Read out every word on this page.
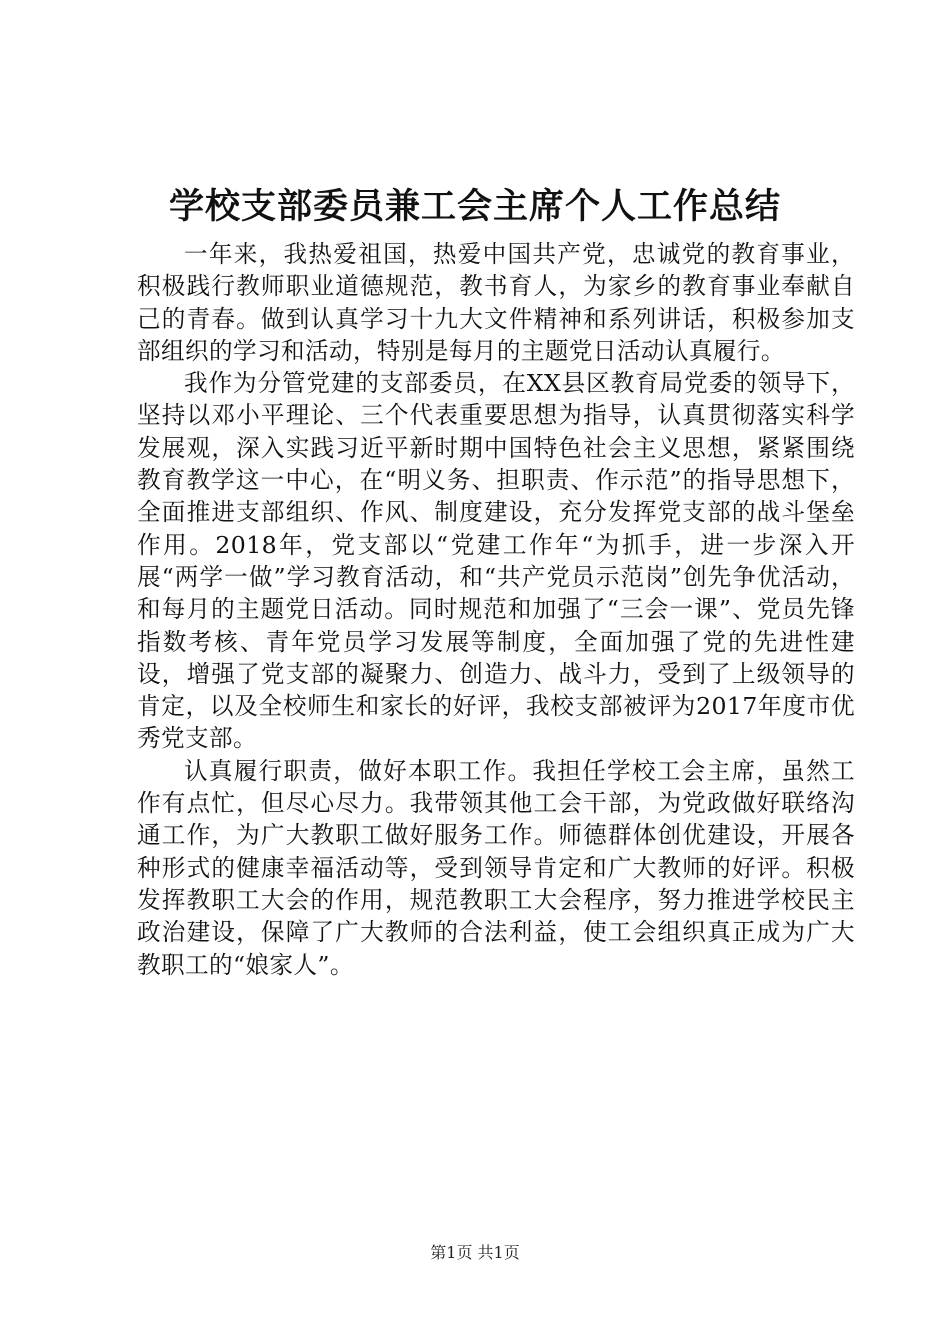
学校支部委员兼工会主席个人工作总结

一年来，我热爱祖国，热爱中国共产党，忠诚党的教育事业，积极践行教师职业道德规范，教书育人，为家乡的教育事业奉献自己的青春。做到认真学习十九大文件精神和系列讲话，积极参加支部组织的学习和活动，特别是每月的主题党日活动认真履行。

我作为分管党建的支部委员，在XX县区教育局党委的领导下，坚持以邓小平理论、三个代表重要思想为指导，认真贯彻落实科学发展观，深入实践习近平新时期中国特色社会主义思想，紧紧围绕教育教学这一中心，在“明义务、担职责、作示范”的指导思想下，全面推进支部组织、作风、制度建设，充分发挥党支部的战斗堡垒作用。2018年，党支部以“党建工作年“为抓手，进一步深入开展“两学一做”学习教育活动，和“共产党员示范岗”创先争优活动，和每月的主题党日活动。同时规范和加强了“三会一课”、党员先锋指数考核、青年党员学习发展等制度，全面加强了党的先进性建设，增强了党支部的凝聚力、创造力、战斗力，受到了上级领导的肯定，以及全校师生和家长的好评，我校支部被评为2017年度市优秀党支部。

认真履行职责，做好本职工作。我担任学校工会主席，虽然工作有点忙，但尽心尽力。我带领其他工会干部，为党政做好联络沟通工作，为广大教职工做好服务工作。师德群体创优建设，开展各种形式的健康幸福活动等，受到领导肯定和广大教师的好评。积极发挥教职工大会的作用，规范教职工大会程序，努力推进学校民主政治建设，保障了广大教师的合法利益，使工会组织真正成为广大教职工的“娘家人”。

第1页 共1页
